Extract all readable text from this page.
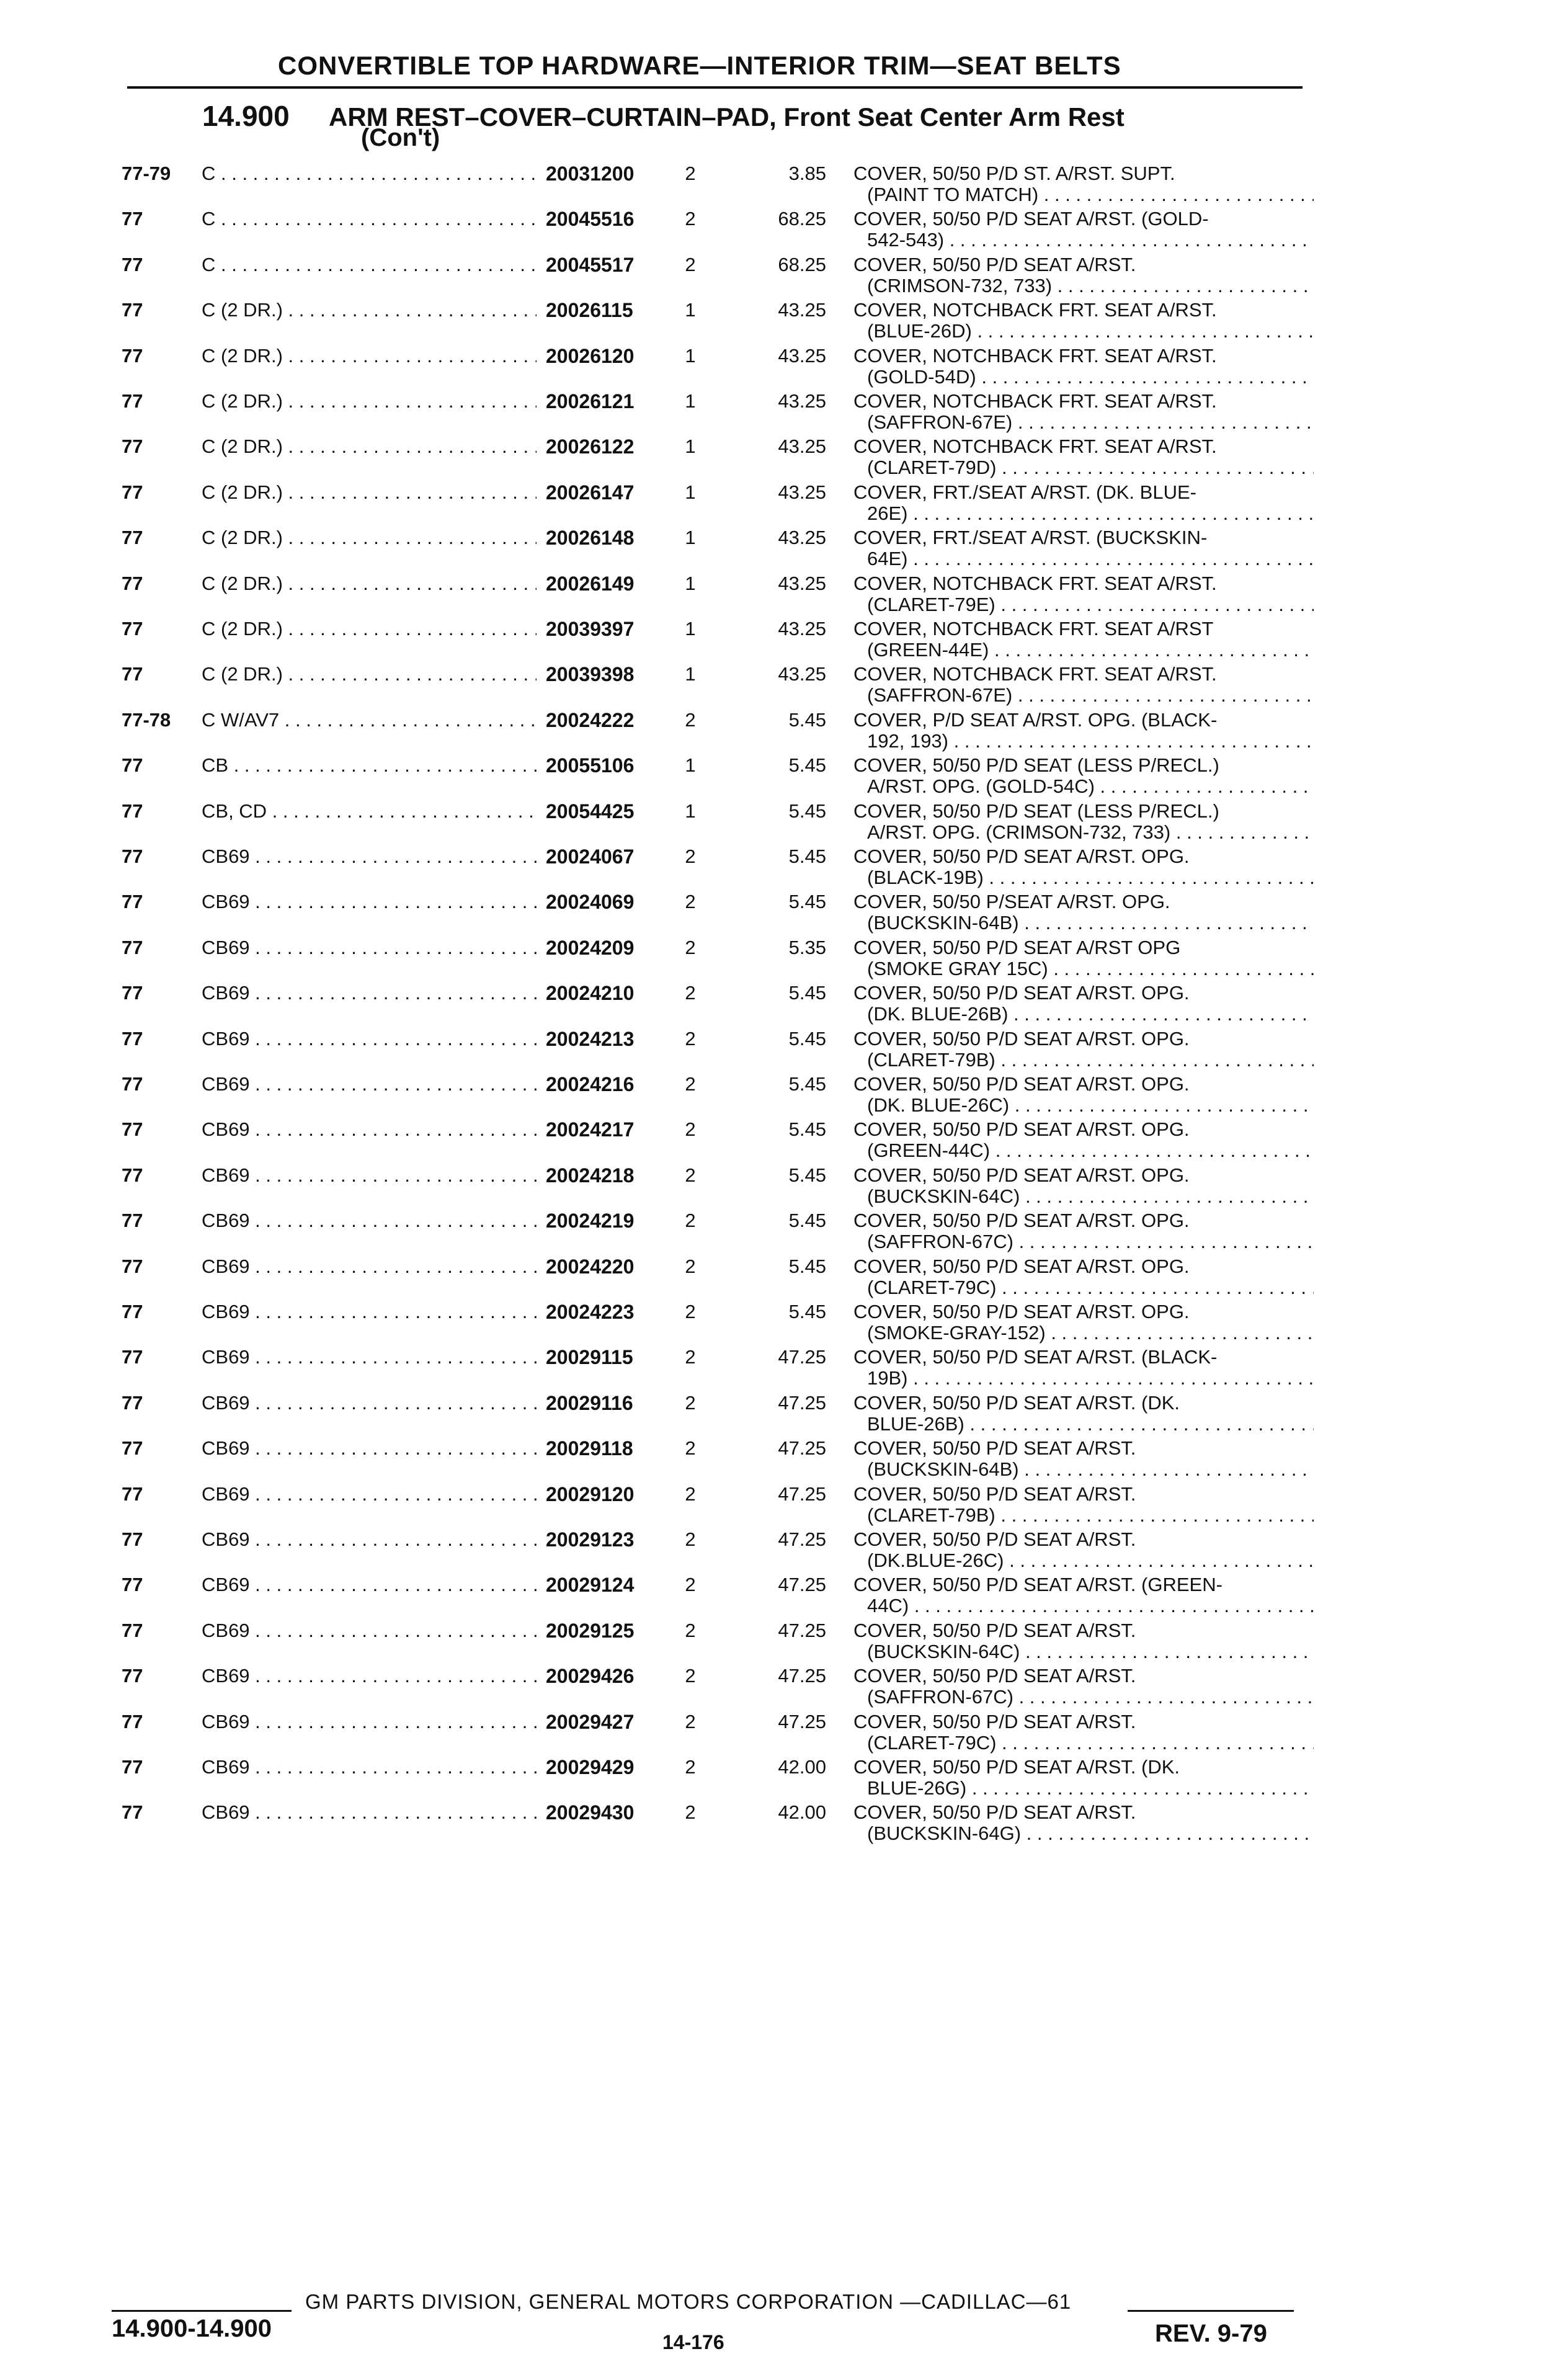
CONVERTIBLE TOP HARDWARE—INTERIOR TRIM—SEAT BELTS
14.900 ARM REST–COVER–CURTAIN–PAD, Front Seat Center Arm Rest
(Con't)
77-79 C . . .	20031200	2	3.85 COVER, 50/50 P/D ST. A/RST. SUPT.
(PAINT TO MATCH) . . .
77	C . . .	20045516	2	68.25 COVER, 50/50 P/D SEAT A/RST. (GOLD-
542-543) . . .
77	C . . .	20045517	2	68.25 COVER, 50/50 P/D SEAT A/RST.
(CRIMSON-732, 733) . . .
77	C (2 DR.) . . .	20026115	1	43.25 COVER, NOTCHBACK FRT. SEAT A/RST.
(BLUE-26D) . . .
77	C (2 DR.) . . .	20026120	1	43.25 COVER, NOTCHBACK FRT. SEAT A/RST.
(GOLD-54D) . . .
77	C (2 DR.) . . .	20026121	1	43.25 COVER, NOTCHBACK FRT. SEAT A/RST.
(SAFFRON-67E) . . .
77	C (2 DR.) . . .	20026122	1	43.25 COVER, NOTCHBACK FRT. SEAT A/RST.
(CLARET-79D) . . .
77	C (2 DR.) . . .	20026147	1	43.25 COVER, FRT./SEAT A/RST. (DK. BLUE-
26E) . . .
77	C (2 DR.) . . .	20026148	1	43.25 COVER, FRT./SEAT A/RST. (BUCKSKIN-
64E) . . .
77	C (2 DR.) . . .	20026149	1	43.25 COVER, NOTCHBACK FRT. SEAT A/RST.
(CLARET-79E) . . .
77	C (2 DR.) . . .	20039397	1	43.25 COVER, NOTCHBACK FRT. SEAT A/RST
(GREEN-44E) . . .
77	C (2 DR.) . . .	20039398	1	43.25 COVER, NOTCHBACK FRT. SEAT A/RST.
(SAFFRON-67E) . . .
77-78 C W/AV7 . . .	20024222	2	5.45 COVER, P/D SEAT A/RST. OPG. (BLACK-
192, 193) . . .
77	CB . . .	20055106	1	5.45 COVER, 50/50 P/D SEAT (LESS P/RECL.)
A/RST. OPG. (GOLD-54C) . . .
77	CB, CD . . .	20054425	1	5.45 COVER, 50/50 P/D SEAT (LESS P/RECL.)
A/RST. OPG. (CRIMSON-732, 733) . . .
77	CB69 . . .	20024067	2	5.45 COVER, 50/50 P/D SEAT A/RST. OPG.
(BLACK-19B) . . .
77	CB69 . . .	20024069	2	5.45 COVER, 50/50 P/SEAT A/RST. OPG.
(BUCKSKIN-64B) . . .
77	CB69 . . .	20024209	2	5.35 COVER, 50/50 P/D SEAT A/RST OPG
(SMOKE GRAY 15C) . . .
77	CB69 . . .	20024210	2	5.45 COVER, 50/50 P/D SEAT A/RST. OPG.
(DK. BLUE-26B) . . .
77	CB69 . . .	20024213	2	5.45 COVER, 50/50 P/D SEAT A/RST. OPG.
(CLARET-79B) . . .
77	CB69 . . .	20024216	2	5.45 COVER, 50/50 P/D SEAT A/RST. OPG.
(DK. BLUE-26C) . . .
77	CB69 . . .	20024217	2	5.45 COVER, 50/50 P/D SEAT A/RST. OPG.
(GREEN-44C) . . .
77	CB69 . . .	20024218	2	5.45 COVER, 50/50 P/D SEAT A/RST. OPG.
(BUCKSKIN-64C) . . .
77	CB69 . . .	20024219	2	5.45 COVER, 50/50 P/D SEAT A/RST. OPG.
(SAFFRON-67C) . . .
77	CB69 . . .	20024220	2	5.45 COVER, 50/50 P/D SEAT A/RST. OPG.
(CLARET-79C) . . .
77	CB69 . . .	20024223	2	5.45 COVER, 50/50 P/D SEAT A/RST. OPG.
(SMOKE-GRAY-152) . . .
77	CB69 . . .	20029115	2	47.25 COVER, 50/50 P/D SEAT A/RST. (BLACK-
19B) . . .
77	CB69 . . .	20029116	2	47.25 COVER, 50/50 P/D SEAT A/RST. (DK.
BLUE-26B) . . .
77	CB69 . . .	20029118	2	47.25 COVER, 50/50 P/D SEAT A/RST.
(BUCKSKIN-64B) . . .
77	CB69 . . .	20029120	2	47.25 COVER, 50/50 P/D SEAT A/RST.
(CLARET-79B) . . .
77	CB69 . . .	20029123	2	47.25 COVER, 50/50 P/D SEAT A/RST.
(DK.BLUE-26C) . . .
77	CB69 . . .	20029124	2	47.25 COVER, 50/50 P/D SEAT A/RST. (GREEN-
44C) . . .
77	CB69 . . .	20029125	2	47.25 COVER, 50/50 P/D SEAT A/RST.
(BUCKSKIN-64C) . . .
77	CB69 . . .	20029426	2	47.25 COVER, 50/50 P/D SEAT A/RST.
(SAFFRON-67C) . . .
77	CB69 . . .	20029427	2	47.25 COVER, 50/50 P/D SEAT A/RST.
(CLARET-79C) . . .
77	CB69 . . .	20029429	2	42.00 COVER, 50/50 P/D SEAT A/RST. (DK.
BLUE-26G) . . .
77	CB69 . . .	20029430	2	42.00 COVER, 50/50 P/D SEAT A/RST.
(BUCKSKIN-64G) . . .
GM PARTS DIVISION, GENERAL MOTORS CORPORATION —CADILLAC—61
14.900-14.900	14-176	REV. 9-79
